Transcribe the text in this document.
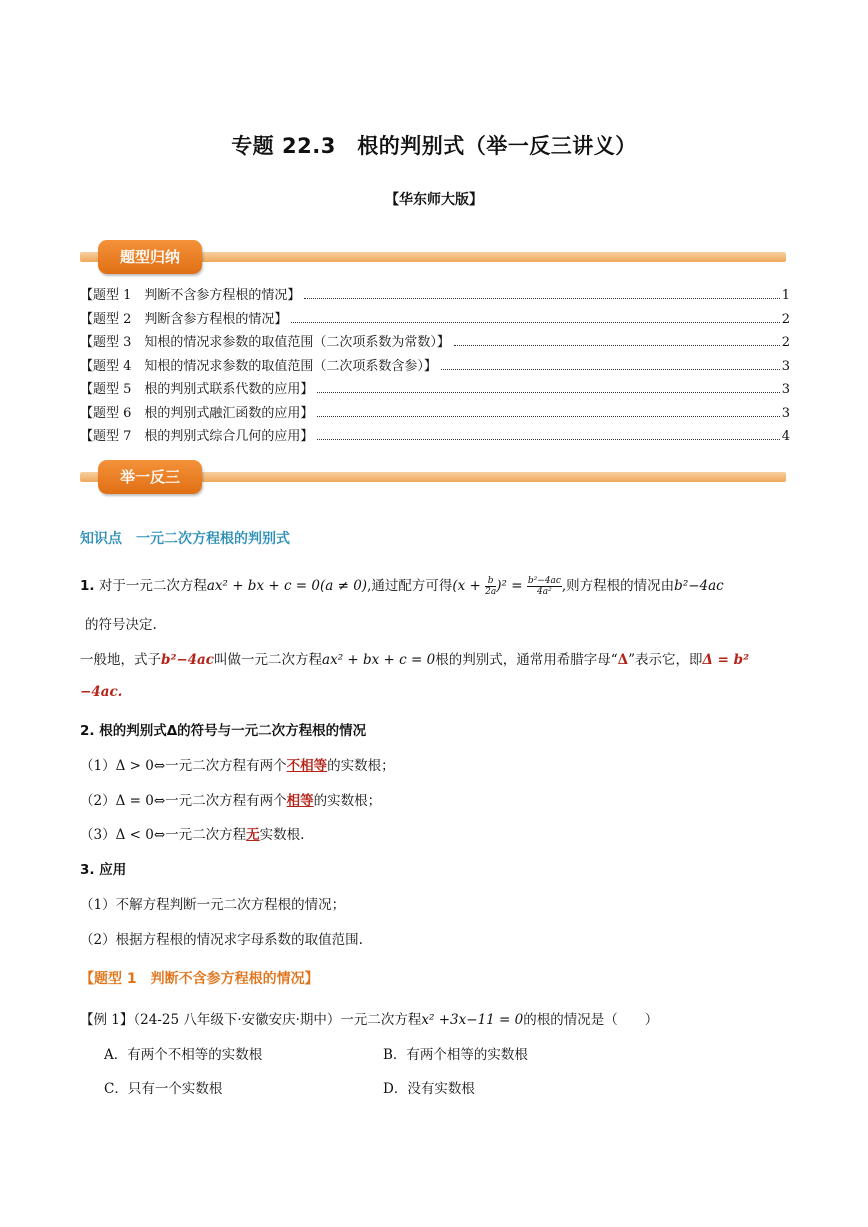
专题 22.3　根的判别式（举一反三讲义）
【华东师大版】
题型归纳
【题型 1　判断不含参方程根的情况】	1
【题型 2　判断含参方程根的情况】	2
【题型 3　知根的情况求参数的取值范围（二次项系数为常数）】	2
【题型 4　知根的情况求参数的取值范围（二次项系数含参）】	3
【题型 5　根的判别式联系代数的应用】	3
【题型 6　根的判别式融汇函数的应用】	3
【题型 7　根的判别式综合几何的应用】	4
举一反三
知识点　一元二次方程根的判别式
1. 对于一元二次方程ax² + bx + c = 0(a ≠ 0),通过配方可得$(x + \frac{b}{2a} )^2 = \frac{\text{b²−4ac}}{\text{4a²}}$ ,则方程根的情况由b²−4ac
的符号决定.
一般地，式子b²−4ac叫做一元二次方程ax² + bx + c = 0根的判别式，通常用希腊字母“Δ”表示它，即Δ = b²
−4ac.
2. 根的判别式Δ的符号与一元二次方程根的情况
（1）Δ > 0⇔一元二次方程有两个不相等的实数根；
（2）Δ = 0⇔一元二次方程有两个相等的实数根；
（3）Δ < 0⇔一元二次方程无实数根.
3. 应用
（1）不解方程判断一元二次方程根的情况；
（2）根据方程根的情况求字母系数的取值范围.
【题型 1　判断不含参方程根的情况】
【例 1】（24-25 八年级下·安徽安庆·期中）一元二次方程x² +3x−11 = 0的根的情况是（　　）
A．有两个不相等的实数根	B．有两个相等的实数根
C．只有一个实数根	D．没有实数根
